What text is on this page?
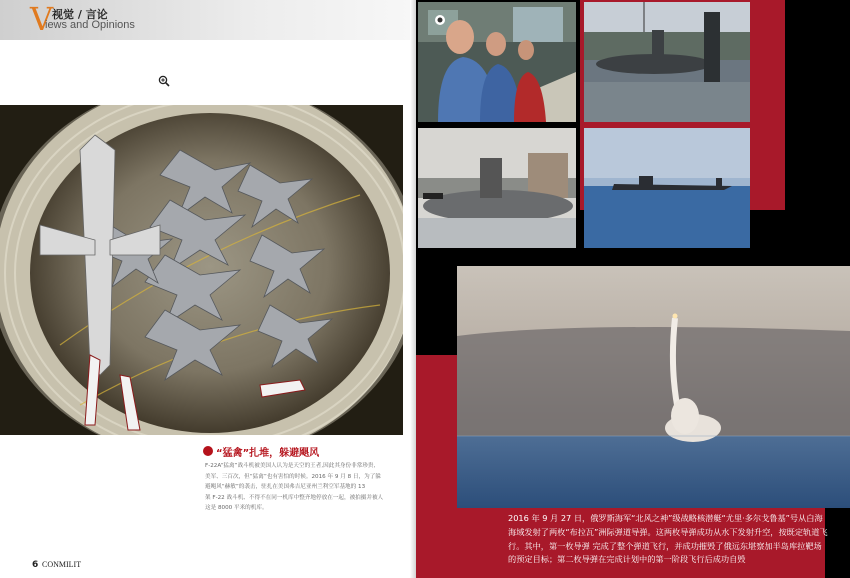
V
视觉 / 言论
iews and Opinions
“猛禽”扎堆，躲避飓风
F-22A“猛禽”战斗机被美国人认为是天空的王者,因此其身份非常珍贵,
美军、三百次，但“猛禽”也有害怕的时候。2016 年 9 月 8 日，为了躲
避飓风“赫敏”的袭击，驻扎在美国弗吉尼亚州兰利空军基地的 13
架 F-22 战斗机、不得不在同一机库中整齐地停放在一起，被拍摄并被人
这是 8000 平米的机库。
6 CONMILIT
2016 年 9 月 27 日，俄罗斯海军“北风之神”级战略核潜艇“尤里·多尔戈鲁基”号从白海海域发射了两枚“布拉瓦”洲际弹道导弹。这两枚导弹成功从水下发射升空，按既定轨道飞行。其中，第一枚导弹 完成了整个弹道飞行，并成功摧毁了俄远东堪察加半岛库拉靶场的预定目标；第二枚导弹在完成计划中的第一阶段飞行后成功自毁
